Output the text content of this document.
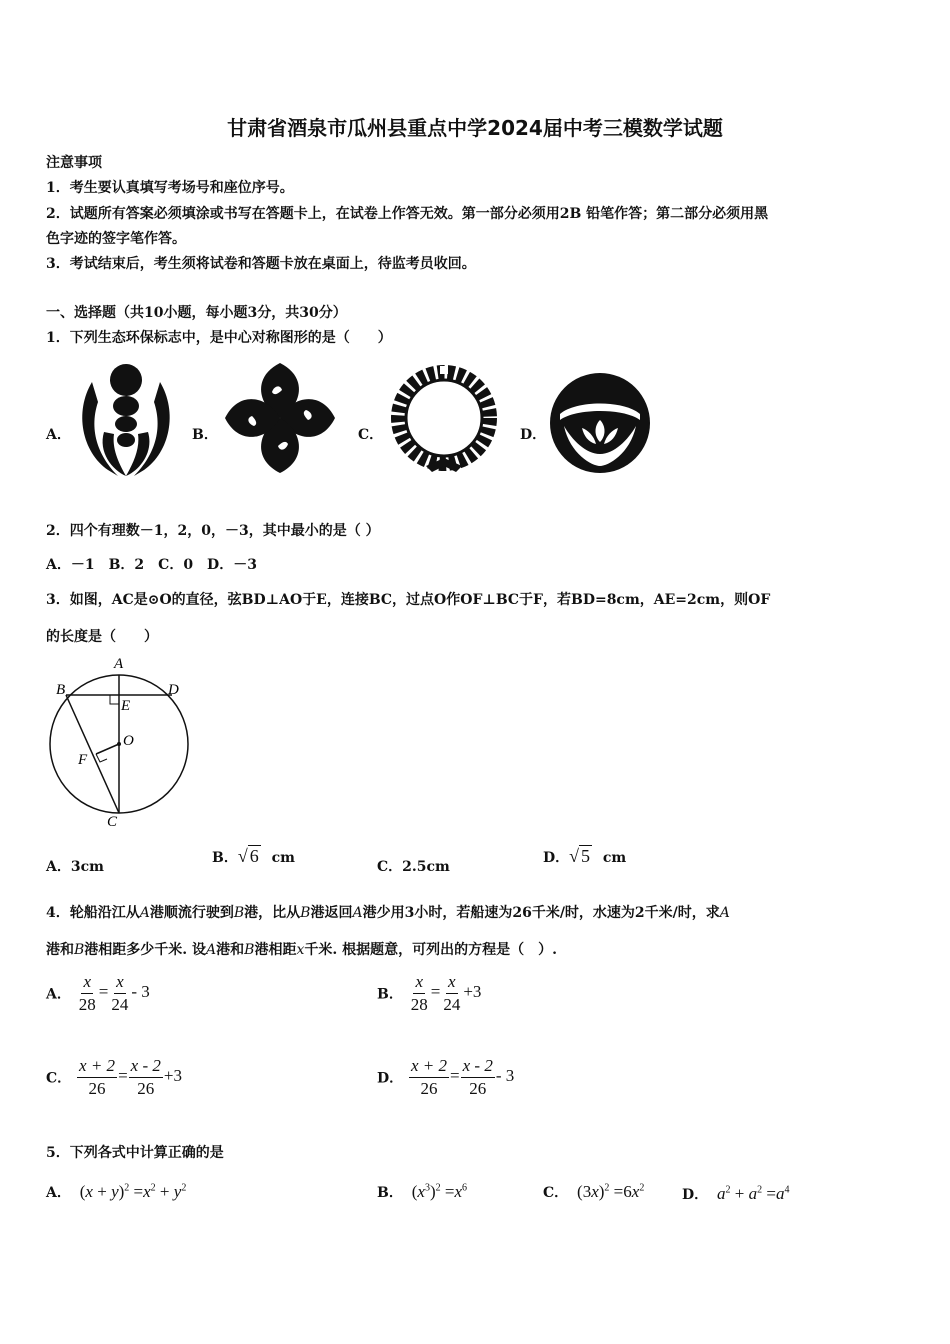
甘肃省酒泉市瓜州县重点中学2024届中考三模数学试题
注意事项
1．考生要认真填写考场号和座位序号。
2．试题所有答案必须填涂或书写在答题卡上，在试卷上作答无效。第一部分必须用2B 铅笔作答；第二部分必须用黑
色字迹的签字笔作答。
3．考试结束后，考生须将试卷和答题卡放在桌面上，待监考员收回。
一、选择题（共10小题，每小题3分，共30分）
1．下列生态环保标志中，是中心对称图形的是（　　）
A．	B．	C．	D．
2．四个有理数－1，2，0，－3，其中最小的是（ ）
A．－1　B．2　C．0　D．－3
3．如图，AC是⊙O的直径，弦BD⊥AO于E，连接BC，过点O作OF⊥BC于F，若BD=8cm，AE=2cm，则OF
的长度是（　　）
A
B	D
E
O
F
C
A．3cm
B．√ 6 cm
C．2.5cm
D．√ 5 cm
4．轮船沿江从A港顺流行驶到B港，比从B港返回A港少用3小时，若船速为26千米/时，水速为2千米/时，求A
港和B港相距多少千米. 设A港和B港相距x千米. 根据题意，可列出的方程是（　）.
A． $\frac{x}{28} = \frac{x}{24} - 3$	B． $\frac{x}{28} = \frac{x}{24} +3$
C． $\frac{x + 2}{26} = \frac{x - 2}{26} +3$	D． $\frac{x + 2}{26} = \frac{x - 2}{26} - 3$
5．下列各式中计算正确的是
A． $(x + y)^2 =x^2 + y^2$	B． $(x^3)^2 =x^6$	C． $(3x)^2 =6x^2$	D． $a^2 + a^2 =a^4$
